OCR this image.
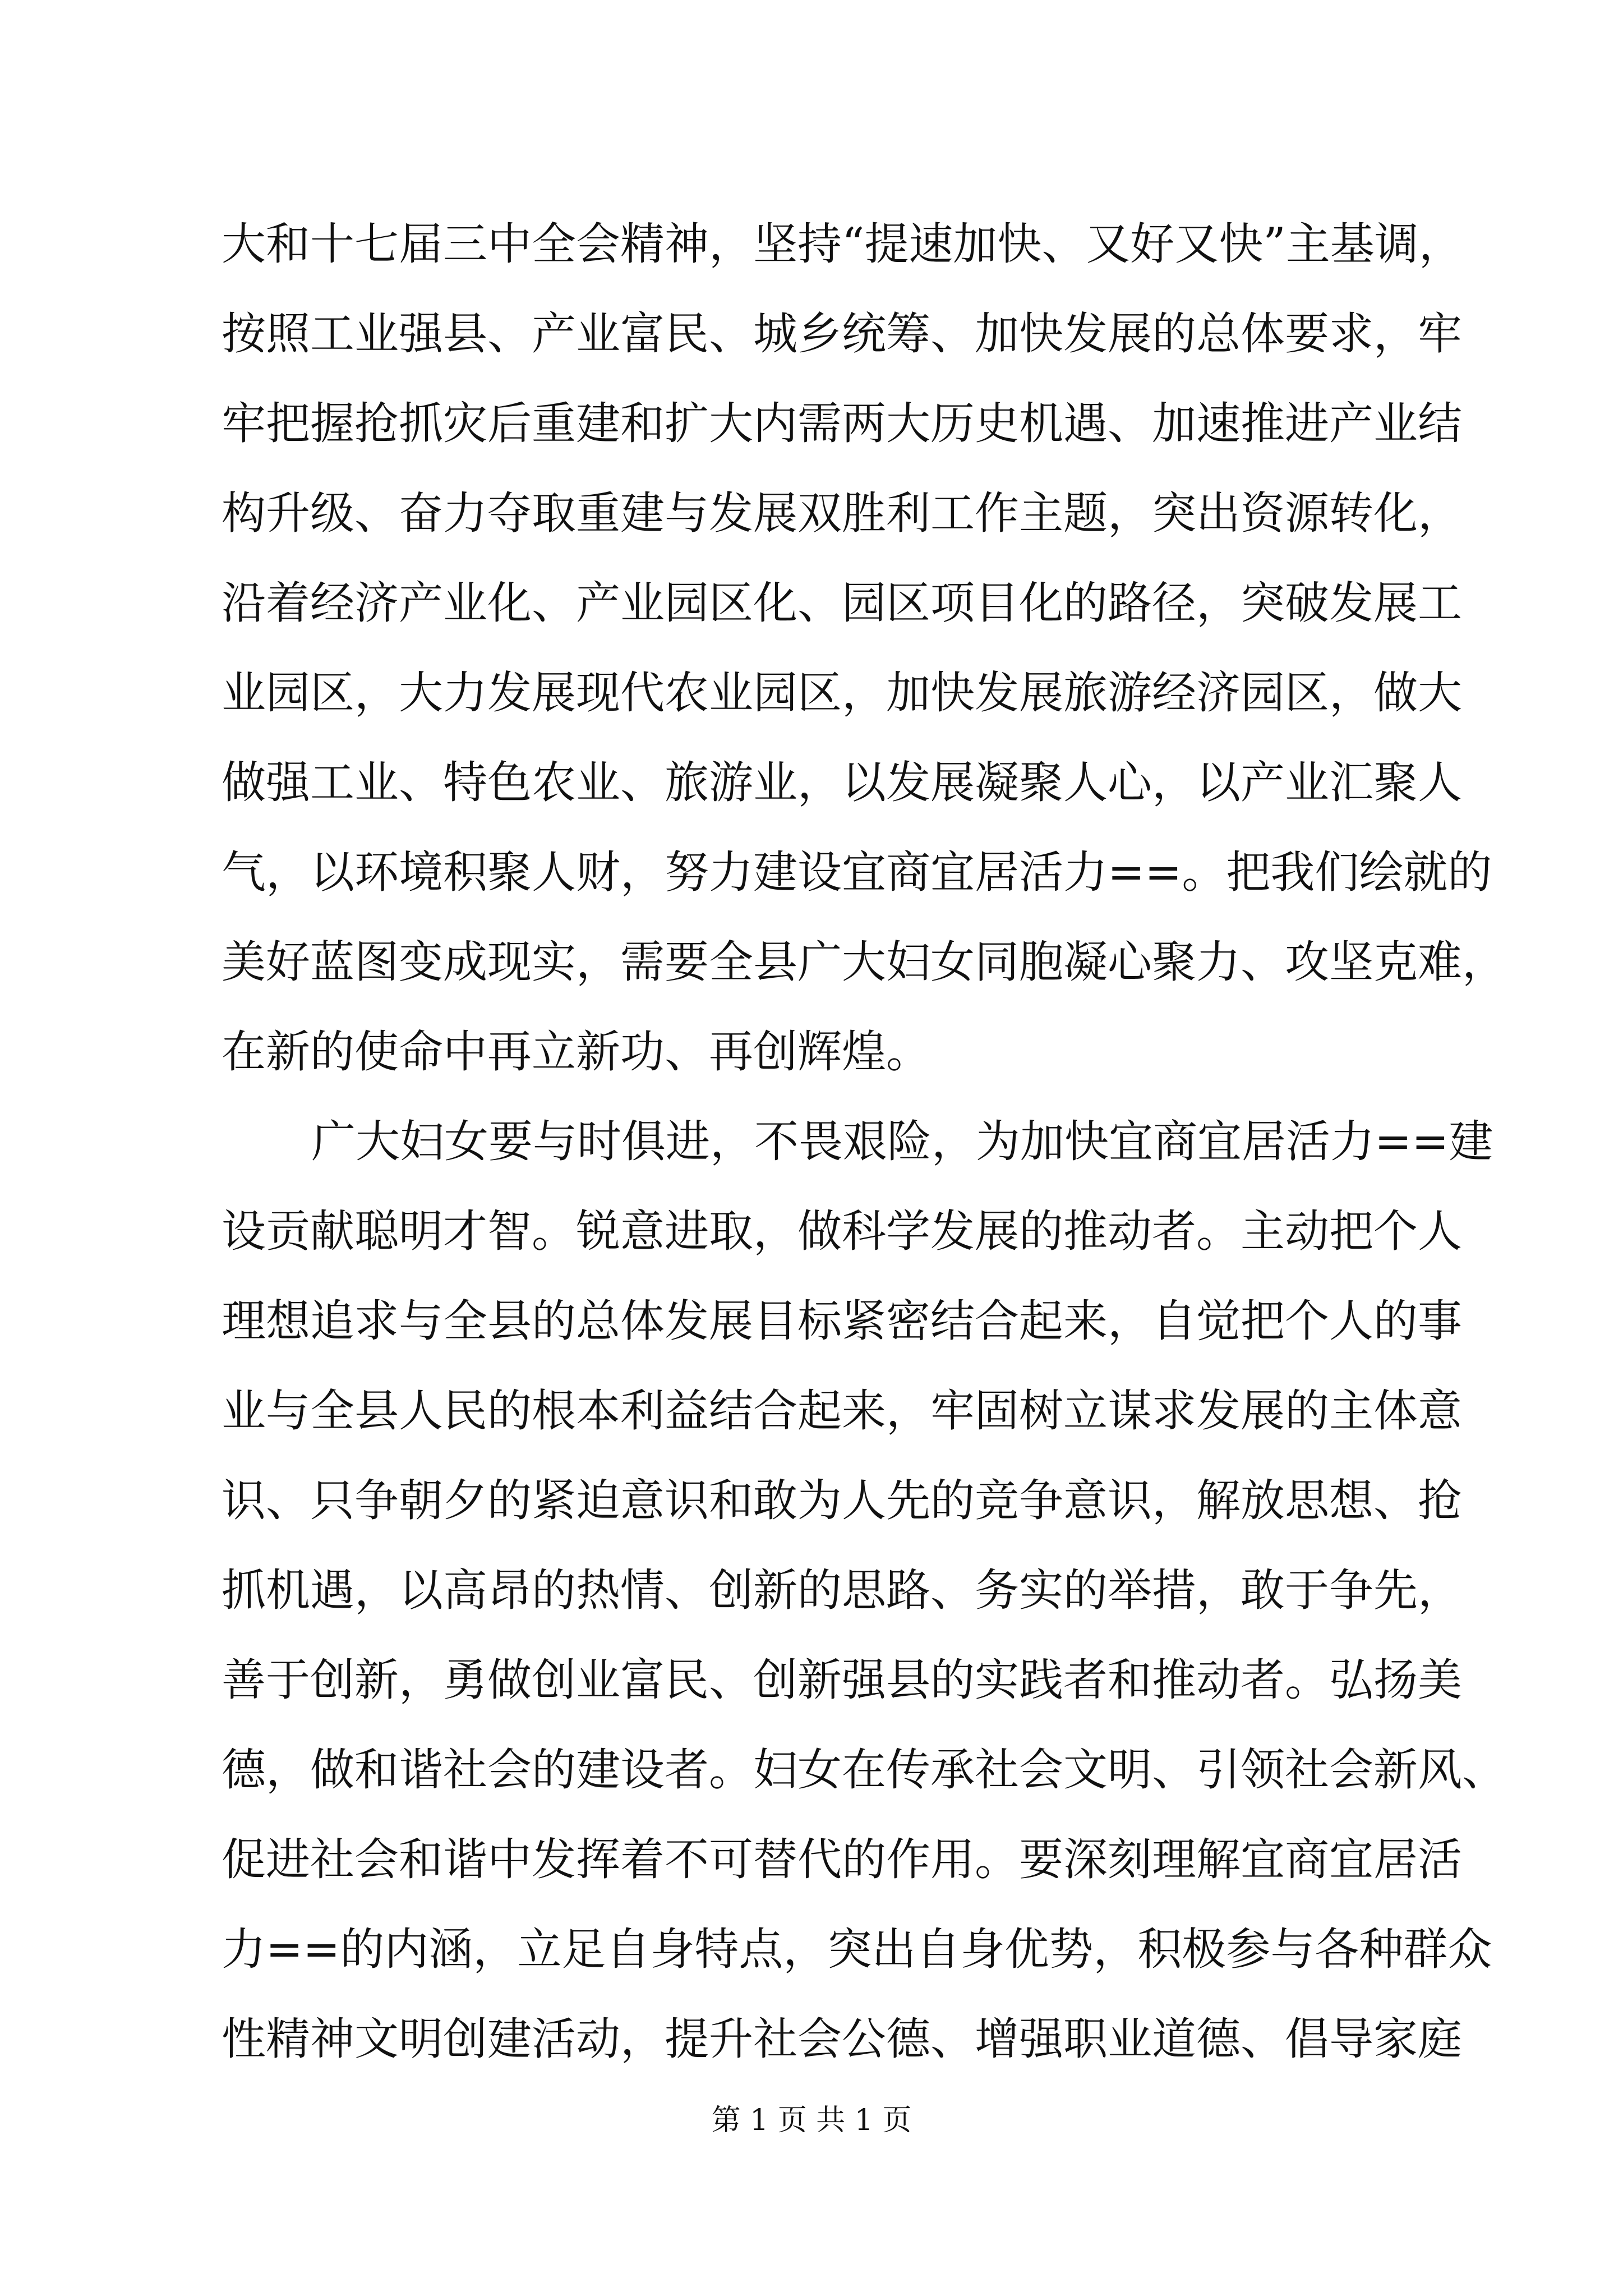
大和十七届三中全会精神，坚持“提速加快、又好又快”主基调，
按照工业强县、产业富民、城乡统筹、加快发展的总体要求，牢
牢把握抢抓灾后重建和扩大内需两大历史机遇、加速推进产业结
构升级、奋力夺取重建与发展双胜利工作主题，突出资源转化，
沿着经济产业化、产业园区化、园区项目化的路径，突破发展工
业园区，大力发展现代农业园区，加快发展旅游经济园区，做大
做强工业、特色农业、旅游业，以发展凝聚人心，以产业汇聚人
气，以环境积聚人财，努力建设宜商宜居活力==。把我们绘就的
美好蓝图变成现实，需要全县广大妇女同胞凝心聚力、攻坚克难，
在新的使命中再立新功、再创辉煌。
广大妇女要与时俱进，不畏艰险，为加快宜商宜居活力==建
设贡献聪明才智。锐意进取，做科学发展的推动者。主动把个人
理想追求与全县的总体发展目标紧密结合起来，自觉把个人的事
业与全县人民的根本利益结合起来，牢固树立谋求发展的主体意
识、只争朝夕的紧迫意识和敢为人先的竞争意识，解放思想、抢
抓机遇，以高昂的热情、创新的思路、务实的举措，敢于争先，
善于创新，勇做创业富民、创新强县的实践者和推动者。弘扬美
德，做和谐社会的建设者。妇女在传承社会文明、引领社会新风、
促进社会和谐中发挥着不可替代的作用。要深刻理解宜商宜居活
力==的内涵，立足自身特点，突出自身优势，积极参与各种群众
性精神文明创建活动，提升社会公德、增强职业道德、倡导家庭
第 1 页 共 1 页
